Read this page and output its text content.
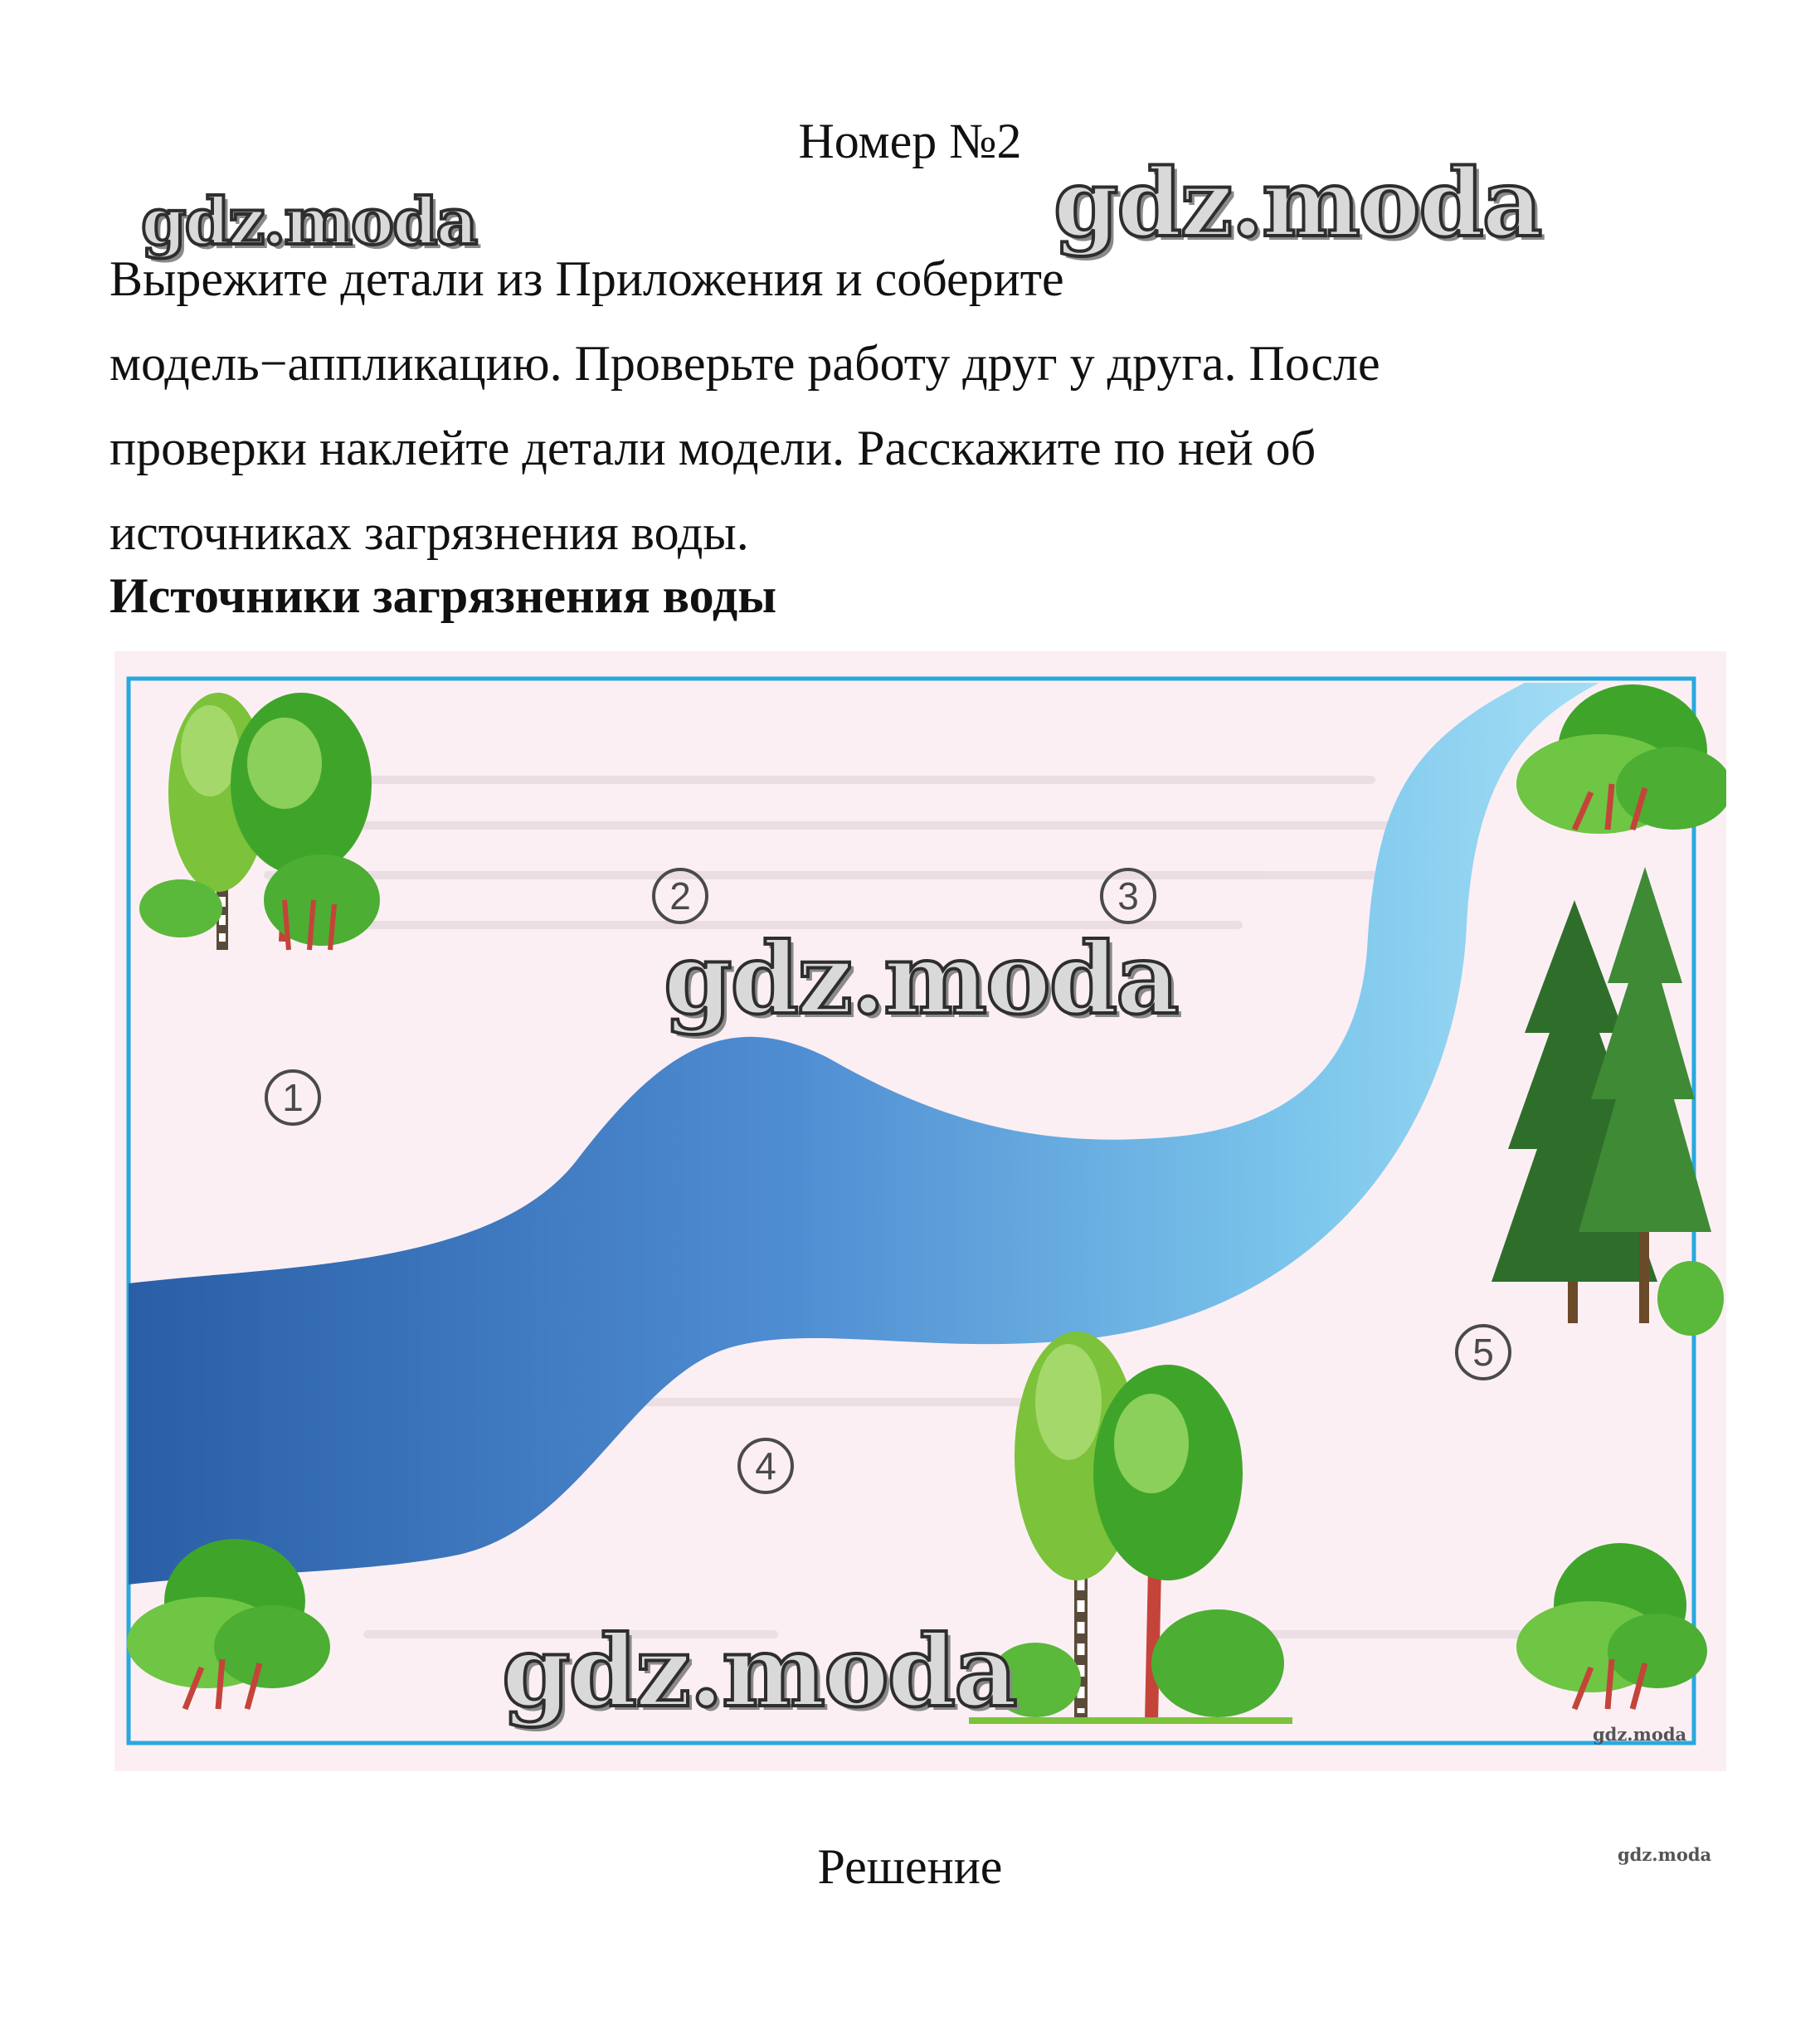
Номер №2
gdz.moda	gdz.moda

Вырежите детали из Приложения и соберите
модель−аппликацию. Проверьте работу друг у друга. После
проверки наклейте детали модели. Расскажите по ней об
источниках загрязнения воды.

Источники загрязнения воды
1
2	3
4
5
gdz.moda
gdz.moda
gdz.moda
gdz.moda
Решение
